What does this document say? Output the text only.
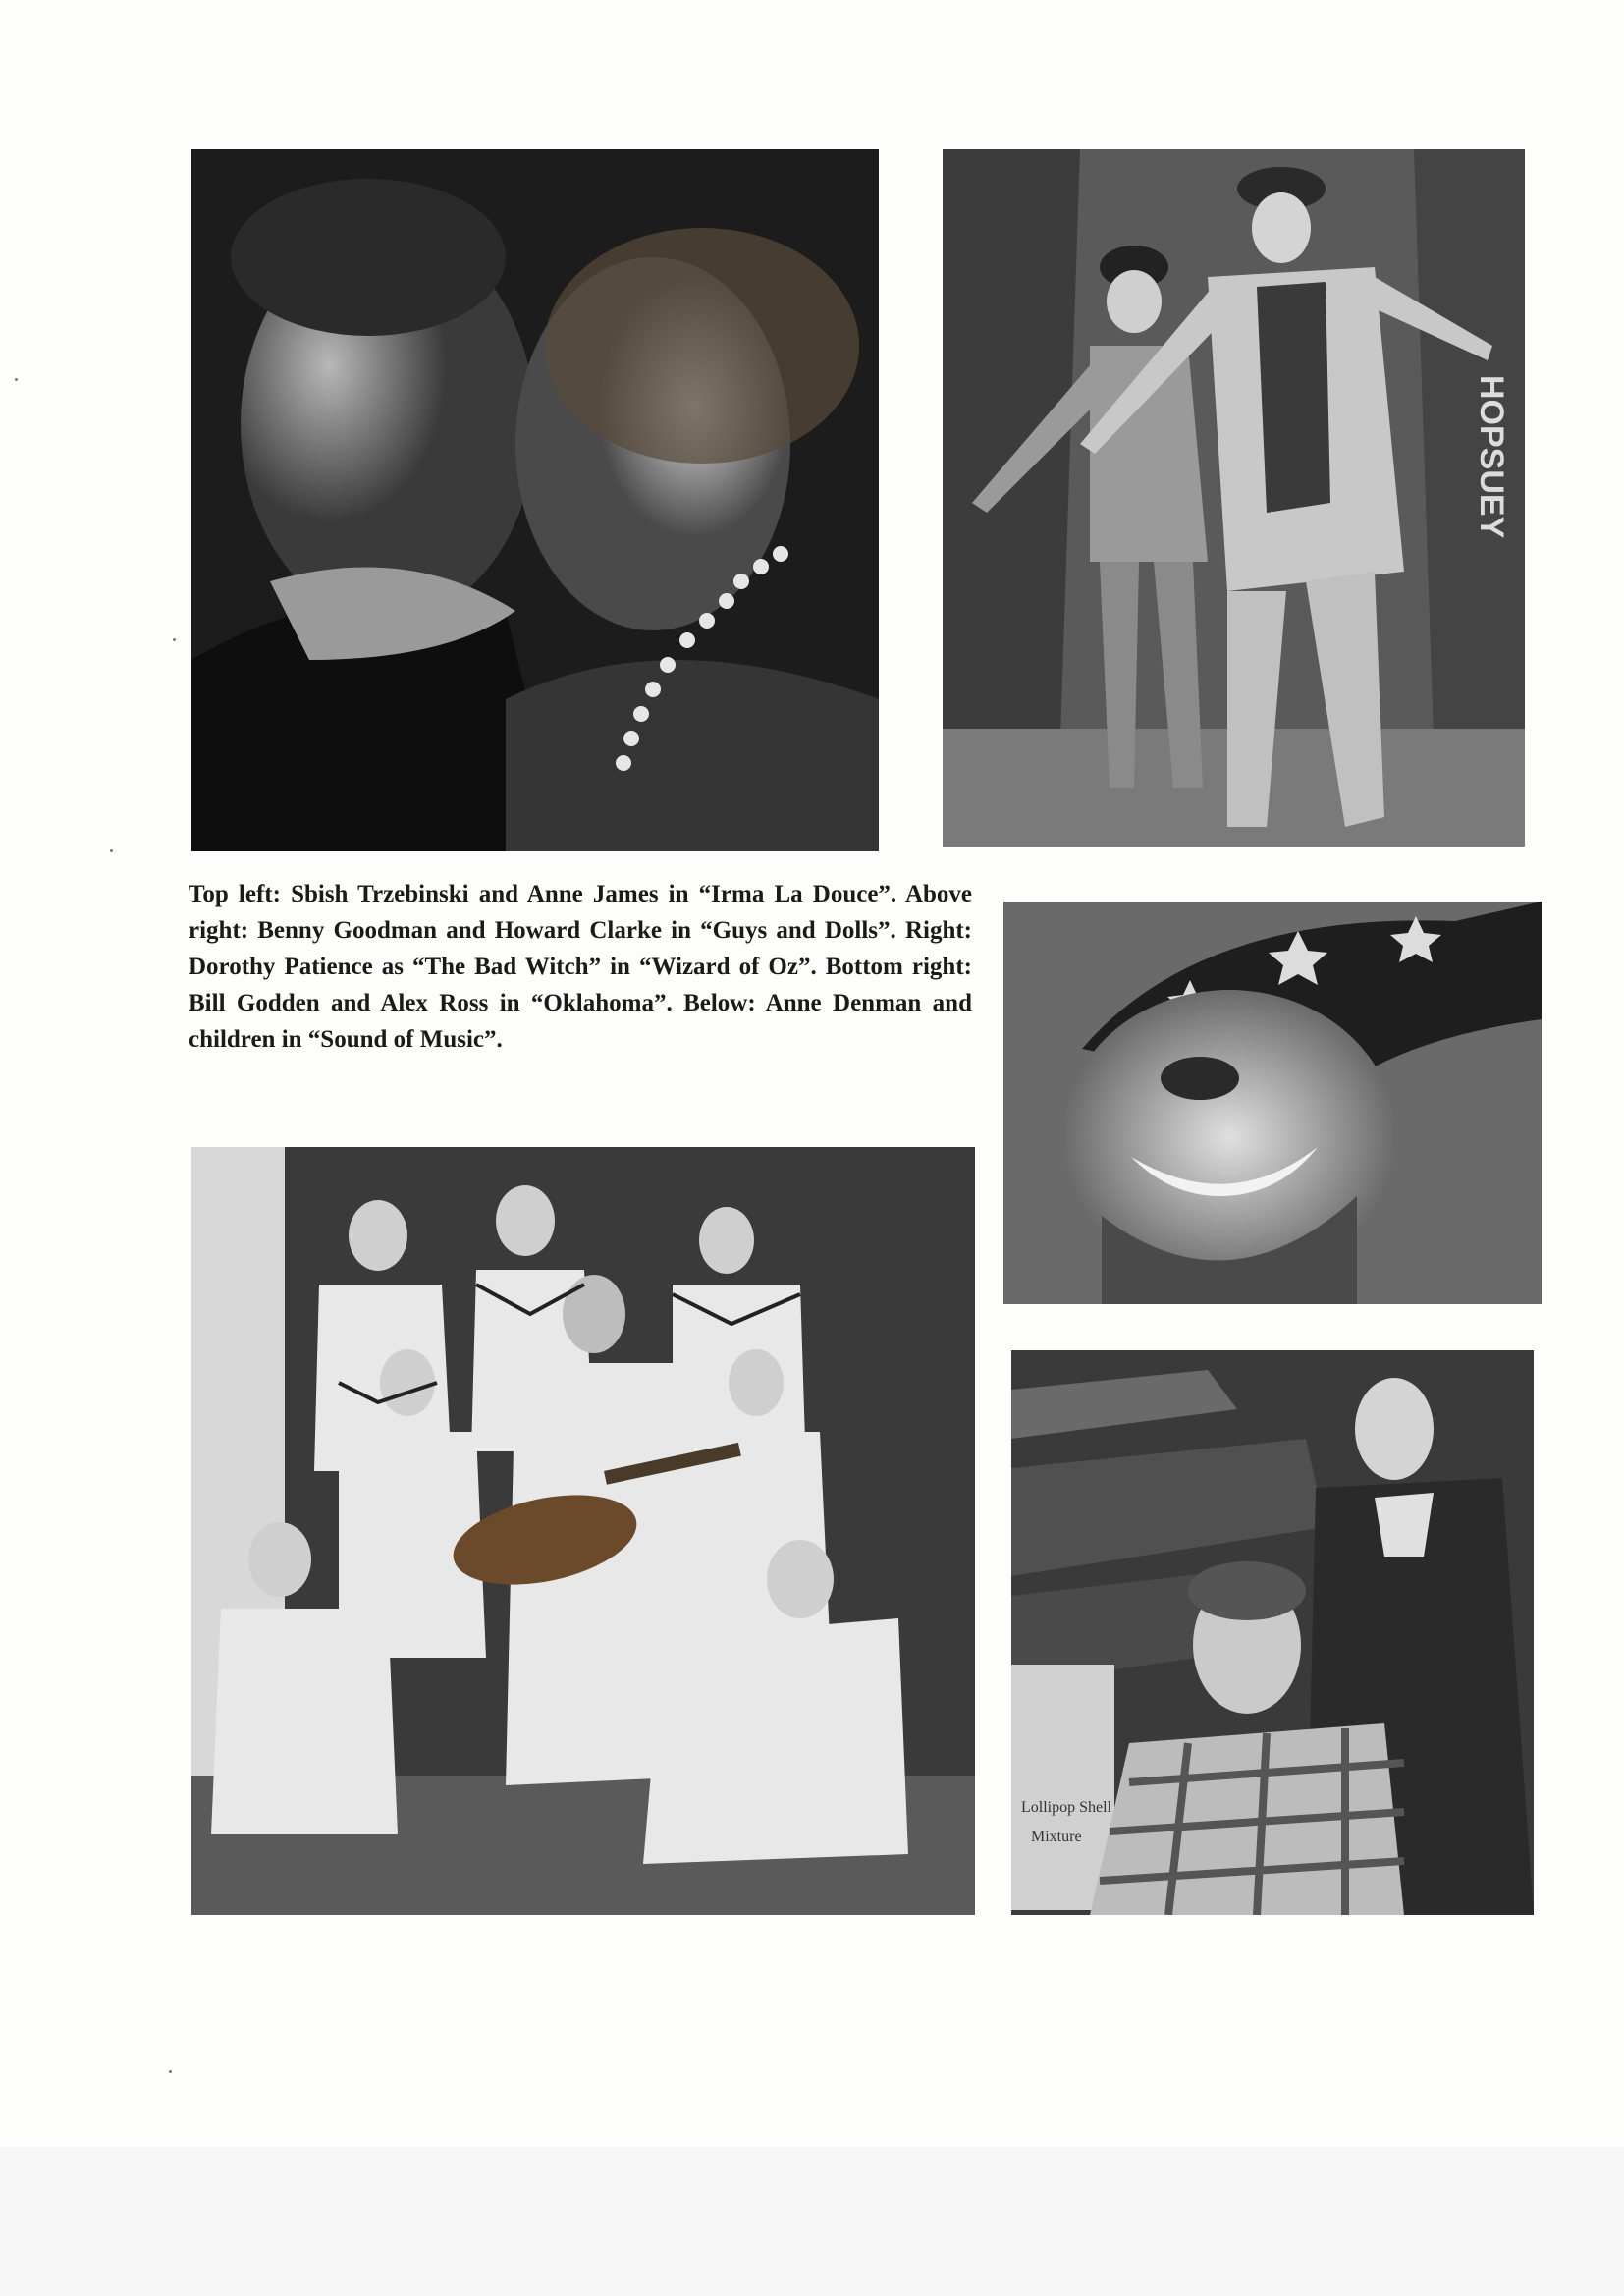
HOPSUEY
Top left: Sbish Trzebinski and Anne James in “Irma La Douce”. Above right: Benny Goodman and Howard Clarke in “Guys and Dolls”. Right: Dorothy Patience as “The Bad Witch” in “Wizard of Oz”. Bottom right: Bill Godden and Alex Ross in “Oklahoma”. Below: Anne Denman and children in “Sound of Music”.
Lollipop Shell
Mixture
